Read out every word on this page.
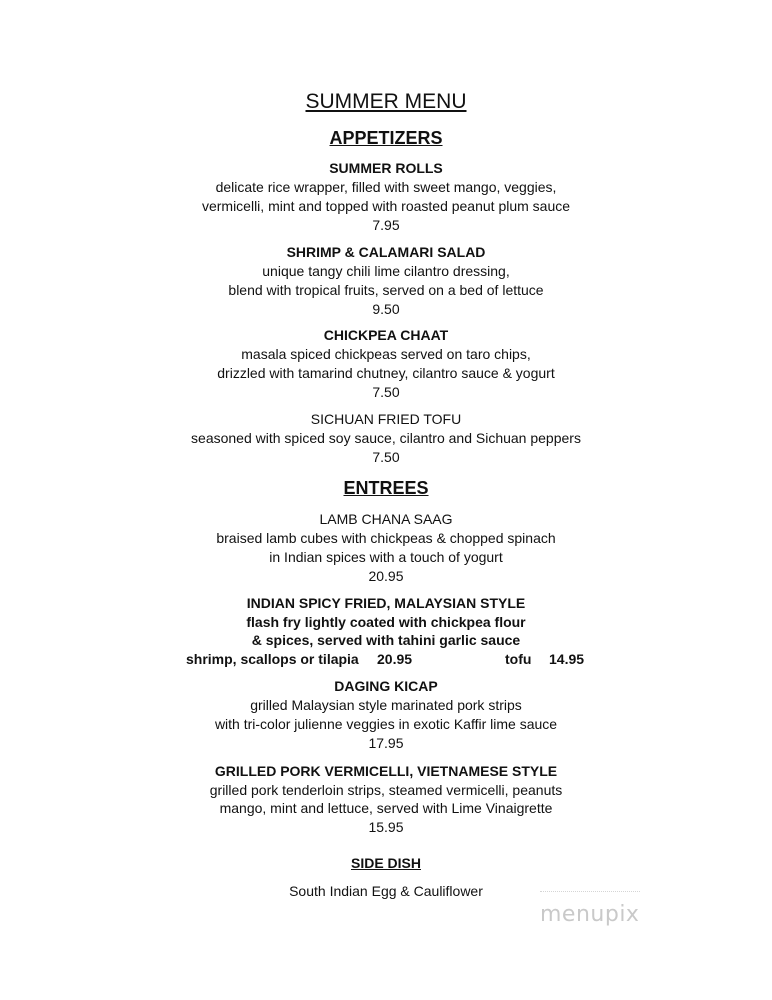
SUMMER MENU
APPETIZERS
SUMMER ROLLS
delicate rice wrapper, filled with sweet mango, veggies,
vermicelli, mint and topped with roasted peanut plum sauce
7.95
SHRIMP & CALAMARI SALAD
unique tangy chili lime cilantro dressing,
blend with tropical fruits, served on a bed of lettuce
9.50
CHICKPEA CHAAT
masala spiced chickpeas served on taro chips,
drizzled with tamarind chutney, cilantro sauce & yogurt
7.50
SICHUAN FRIED TOFU
seasoned with spiced soy sauce, cilantro and Sichuan peppers
7.50
ENTREES
LAMB CHANA SAAG
braised lamb cubes with chickpeas & chopped spinach
in Indian spices with a touch of yogurt
20.95
INDIAN SPICY FRIED, MALAYSIAN STYLE
flash fry lightly coated with chickpea flour
& spices, served with tahini garlic sauce
shrimp, scallops or tilapia 20.95	tofu 14.95
DAGING KICAP
grilled Malaysian style marinated pork strips
with tri-color julienne veggies in exotic Kaffir lime sauce
17.95
GRILLED PORK VERMICELLI, VIETNAMESE STYLE
grilled pork tenderloin strips, steamed vermicelli, peanuts
mango, mint and lettuce, served with Lime Vinaigrette
15.95
SIDE DISH
South Indian Egg & Cauliflower
menupix
